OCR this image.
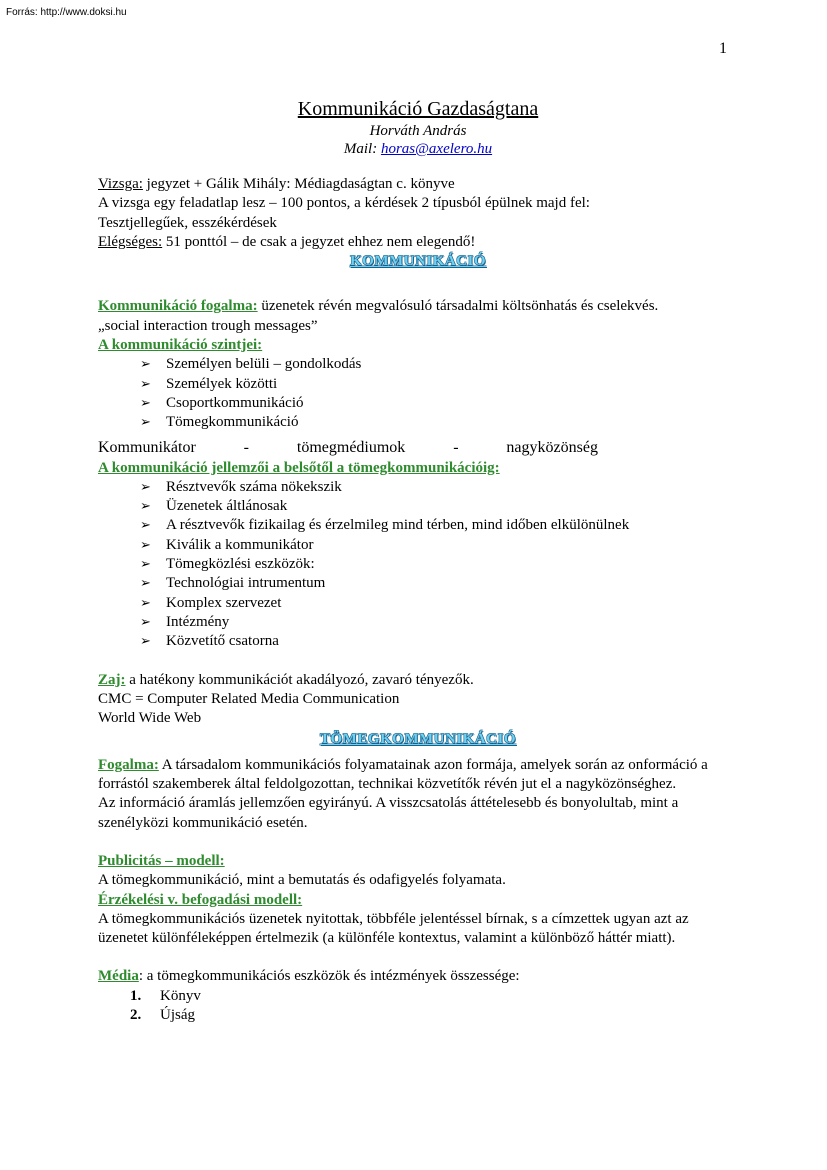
Forrás: http://www.doksi.hu
1
Kommunikáció Gazdaságtana
Horváth András
Mail: horas@axelero.hu

Vizsga: jegyzet + Gálik Mihály: Médiagdaságtan c. könyve

A vizsga egy feladatlap lesz – 100 pontos, a kérdések 2 típusból épülnek majd fel:

Tesztjellegűek, esszékérdések

Elégséges: 51 ponttól – de csak a jegyzet ehhez nem elegendő!

KOMMUNIKÁCIÓ

Kommunikáció fogalma: üzenetek révén megvalósuló társadalmi költsönhatás és cselekvés.

„social interaction trough messages”

A kommunikáció szintjei:

➢ Személyen belüli – gondolkodás
➢ Személyek közötti
➢ Csoportkommunikáció
➢ Tömegkommunikáció
Kommunikátor	-	tömegmédiumok	-	nagyközönség

A kommunikáció jellemzői a belsőtől a tömegkommunikációig:

➢ Résztvevők száma nökekszik
➢ Üzenetek áltlánosak
➢ A résztvevők fizikailag és érzelmileg mind térben, mind időben elkülönülnek
➢ Kiválik a kommunikátor
➢ Tömegközlési eszközök:
➢ Technológiai intrumentum
➢ Komplex szervezet
➢ Intézmény
➢ Közvetítő csatorna

Zaj: a hatékony kommunikációt akadályozó, zavaró tényezők.

CMC = Computer Related Media Communication

World Wide Web

TÖMEGKOMMUNIKÁCIÓ

Fogalma: A társadalom kommunikációs folyamatainak azon formája, amelyek során az onformáció a forrástól szakemberek által feldolgozottan, technikai közvetítők révén jut el a nagyközönséghez.

Az információ áramlás jellemzően egyirányú. A visszcsatolás áttételesebb és bonyolultab, mint a szenélyközi kommunikáció esetén.

Publicitás – modell:

A tömegkommunikáció, mint a bemutatás és odafigyelés folyamata.

Érzékelési v. befogadási modell:

A tömegkommunikációs üzenetek nyitottak, többféle jelentéssel bírnak, s a címzettek ugyan azt az üzenetet különféleképpen értelmezik (a különféle kontextus, valamint a különböző háttér miatt).

Média: a tömegkommunikációs eszközök és intézmények összessége:

1. Könyv
2. Újság
